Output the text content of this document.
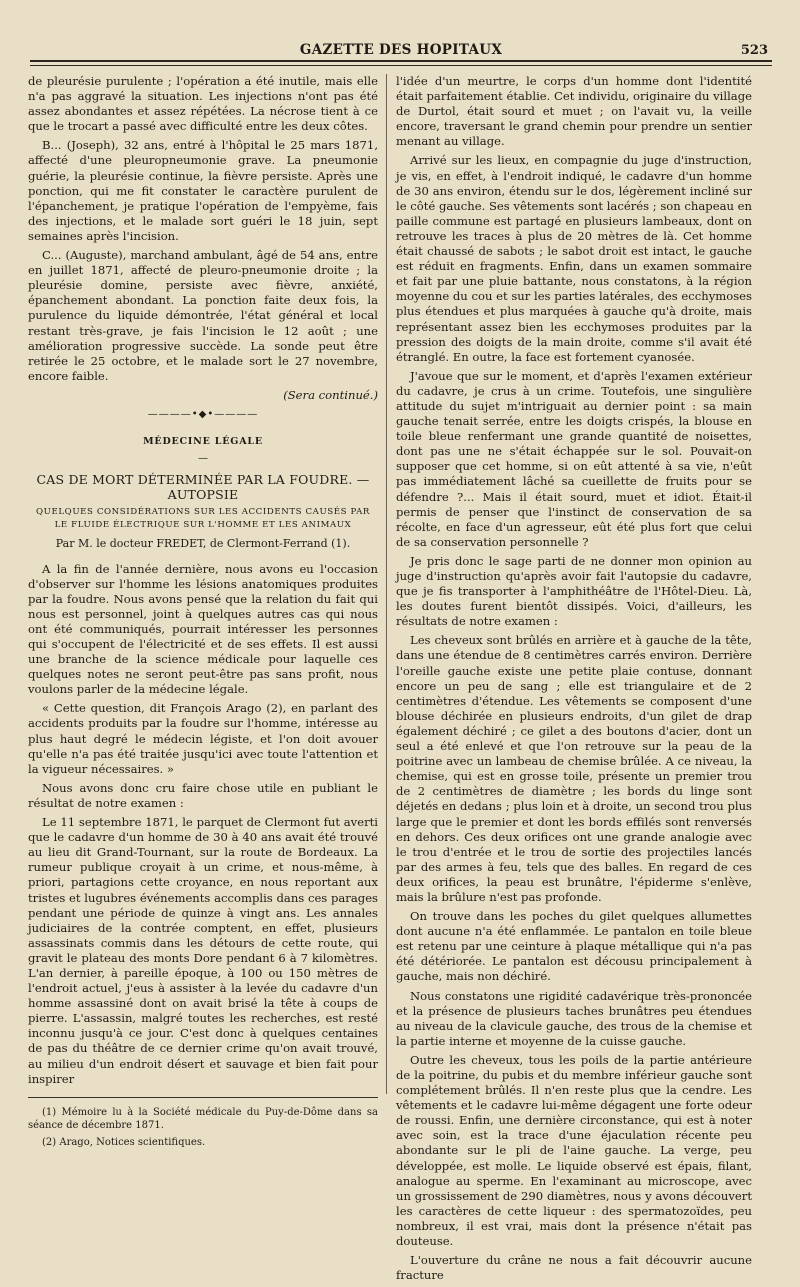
GAZETTE DES HOPITAUX	523

de pleurésie purulente ; l'opération a été inutile, mais elle n'a pas aggravé la situation. Les injections n'ont pas été assez abondantes et assez répétées. La nécrose tient à ce que le trocart a passé avec difficulté entre les deux côtes.

B... (Joseph), 32 ans, entré à l'hôpital le 25 mars 1871, affecté d'une pleuropneumonie grave. La pneumonie guérie, la pleurésie continue, la fièvre persiste. Après une ponction, qui me fit constater le caractère purulent de l'épanchement, je pratique l'opération de l'empyème, fais des injections, et le malade sort guéri le 18 juin, sept semaines après l'incision.

C... (Auguste), marchand ambulant, âgé de 54 ans, entre en juillet 1871, affecté de pleuro-pneumonie droite ; la pleurésie domine, persiste avec fièvre, anxiété, épanchement abondant. La ponction faite deux fois, la purulence du liquide démontrée, l'état général et local restant très-grave, je fais l'incision le 12 août ; une amélioration progressive succède. La sonde peut être retirée le 25 octobre, et le malade sort le 27 novembre, encore faible.

(Sera continué.)

————•◆•————
MÉDECINE LÉGALE
—
CAS DE MORT DÉTERMINÉE PAR LA FOUDRE. — AUTOPSIE
QUELQUES CONSIDÉRATIONS SUR LES ACCIDENTS CAUSÉS PAR LE FLUIDE ÉLECTRIQUE SUR L'HOMME ET LES ANIMAUX
Par M. le docteur FREDET, de Clermont-Ferrand (1).

A la fin de l'année dernière, nous avons eu l'occasion d'observer sur l'homme les lésions anatomiques produites par la foudre. Nous avons pensé que la relation du fait qui nous est personnel, joint à quelques autres cas qui nous ont été communiqués, pourrait intéresser les personnes qui s'occupent de l'électricité et de ses effets. Il est aussi une branche de la science médicale pour laquelle ces quelques notes ne seront peut-être pas sans profit, nous voulons parler de la médecine légale.

« Cette question, dit François Arago (2), en parlant des accidents produits par la foudre sur l'homme, intéresse au plus haut degré le médecin légiste, et l'on doit avouer qu'elle n'a pas été traitée jusqu'ici avec toute l'attention et la vigueur nécessaires. »

Nous avons donc cru faire chose utile en publiant le résultat de notre examen :

Le 11 septembre 1871, le parquet de Clermont fut averti que le cadavre d'un homme de 30 à 40 ans avait été trouvé au lieu dit Grand-Tournant, sur la route de Bordeaux. La rumeur publique croyait à un crime, et nous-même, à priori, partagions cette croyance, en nous reportant aux tristes et lugubres événements accomplis dans ces parages pendant une période de quinze à vingt ans. Les annales judiciaires de la contrée comptent, en effet, plusieurs assassinats commis dans les détours de cette route, qui gravit le plateau des monts Dore pendant 6 à 7 kilomètres. L'an dernier, à pareille époque, à 100 ou 150 mètres de l'endroit actuel, j'eus à assister à la levée du cadavre d'un homme assassiné dont on avait brisé la tête à coups de pierre. L'assassin, malgré toutes les recherches, est resté inconnu jusqu'à ce jour. C'est donc à quelques centaines de pas du théâtre de ce dernier crime qu'on avait trouvé, au milieu d'un endroit désert et sauvage et bien fait pour inspirer

(1) Mémoire lu à la Société médicale du Puy-de-Dôme dans sa séance de décembre 1871.

(2) Arago, Notices scientifiques.

l'idée d'un meurtre, le corps d'un homme dont l'identité était parfaitement établie. Cet individu, originaire du village de Durtol, était sourd et muet ; on l'avait vu, la veille encore, traversant le grand chemin pour prendre un sentier menant au village.

Arrivé sur les lieux, en compagnie du juge d'instruction, je vis, en effet, à l'endroit indiqué, le cadavre d'un homme de 30 ans environ, étendu sur le dos, légèrement incliné sur le côté gauche. Ses vêtements sont lacérés ; son chapeau en paille commune est partagé en plusieurs lambeaux, dont on retrouve les traces à plus de 20 mètres de là. Cet homme était chaussé de sabots ; le sabot droit est intact, le gauche est réduit en fragments. Enfin, dans un examen sommaire et fait par une pluie battante, nous constatons, à la région moyenne du cou et sur les parties latérales, des ecchymoses plus étendues et plus marquées à gauche qu'à droite, mais représentant assez bien les ecchymoses produites par la pression des doigts de la main droite, comme s'il avait été étranglé. En outre, la face est fortement cyanosée.

J'avoue que sur le moment, et d'après l'examen extérieur du cadavre, je crus à un crime. Toutefois, une singulière attitude du sujet m'intriguait au dernier point : sa main gauche tenait serrée, entre les doigts crispés, la blouse en toile bleue renfermant une grande quantité de noisettes, dont pas une ne s'était échappée sur le sol. Pouvait-on supposer que cet homme, si on eût attenté à sa vie, n'eût pas immédiatement lâché sa cueillette de fruits pour se défendre ?... Mais il était sourd, muet et idiot. Était-il permis de penser que l'instinct de conservation de sa récolte, en face d'un agresseur, eût été plus fort que celui de sa conservation personnelle ?

Je pris donc le sage parti de ne donner mon opinion au juge d'instruction qu'après avoir fait l'autopsie du cadavre, que je fis transporter à l'amphithéâtre de l'Hôtel-Dieu. Là, les doutes furent bientôt dissipés. Voici, d'ailleurs, les résultats de notre examen :

Les cheveux sont brûlés en arrière et à gauche de la tête, dans une étendue de 8 centimètres carrés environ. Derrière l'oreille gauche existe une petite plaie contuse, donnant encore un peu de sang ; elle est triangulaire et de 2 centimètres d'étendue. Les vêtements se composent d'une blouse déchirée en plusieurs endroits, d'un gilet de drap également déchiré ; ce gilet a des boutons d'acier, dont un seul a été enlevé et que l'on retrouve sur la peau de la poitrine avec un lambeau de chemise brûlée. A ce niveau, la chemise, qui est en grosse toile, présente un premier trou de 2 centimètres de diamètre ; les bords du linge sont déjetés en dedans ; plus loin et à droite, un second trou plus large que le premier et dont les bords effilés sont renversés en dehors. Ces deux orifices ont une grande analogie avec le trou d'entrée et le trou de sortie des projectiles lancés par des armes à feu, tels que des balles. En regard de ces deux orifices, la peau est brunâtre, l'épiderme s'enlève, mais la brûlure n'est pas profonde.

On trouve dans les poches du gilet quelques allumettes dont aucune n'a été enflammée. Le pantalon en toile bleue est retenu par une ceinture à plaque métallique qui n'a pas été détériorée. Le pantalon est décousu principalement à gauche, mais non déchiré.

Nous constatons une rigidité cadavérique très-prononcée et la présence de plusieurs taches brunâtres peu étendues au niveau de la clavicule gauche, des trous de la chemise et la partie interne et moyenne de la cuisse gauche.

Outre les cheveux, tous les poils de la partie antérieure de la poitrine, du pubis et du membre inférieur gauche sont complétement brûlés. Il n'en reste plus que la cendre. Les vêtements et le cadavre lui-même dégagent une forte odeur de roussi. Enfin, une dernière circonstance, qui est à noter avec soin, est la trace d'une éjaculation récente peu abondante sur le pli de l'aine gauche. La verge, peu développée, est molle. Le liquide observé est épais, filant, analogue au sperme. En l'examinant au microscope, avec un grossissement de 290 diamètres, nous y avons découvert les caractères de cette liqueur : des spermatozoïdes, peu nombreux, il est vrai, mais dont la présence n'était pas douteuse.

L'ouverture du crâne ne nous a fait découvrir aucune fracture
